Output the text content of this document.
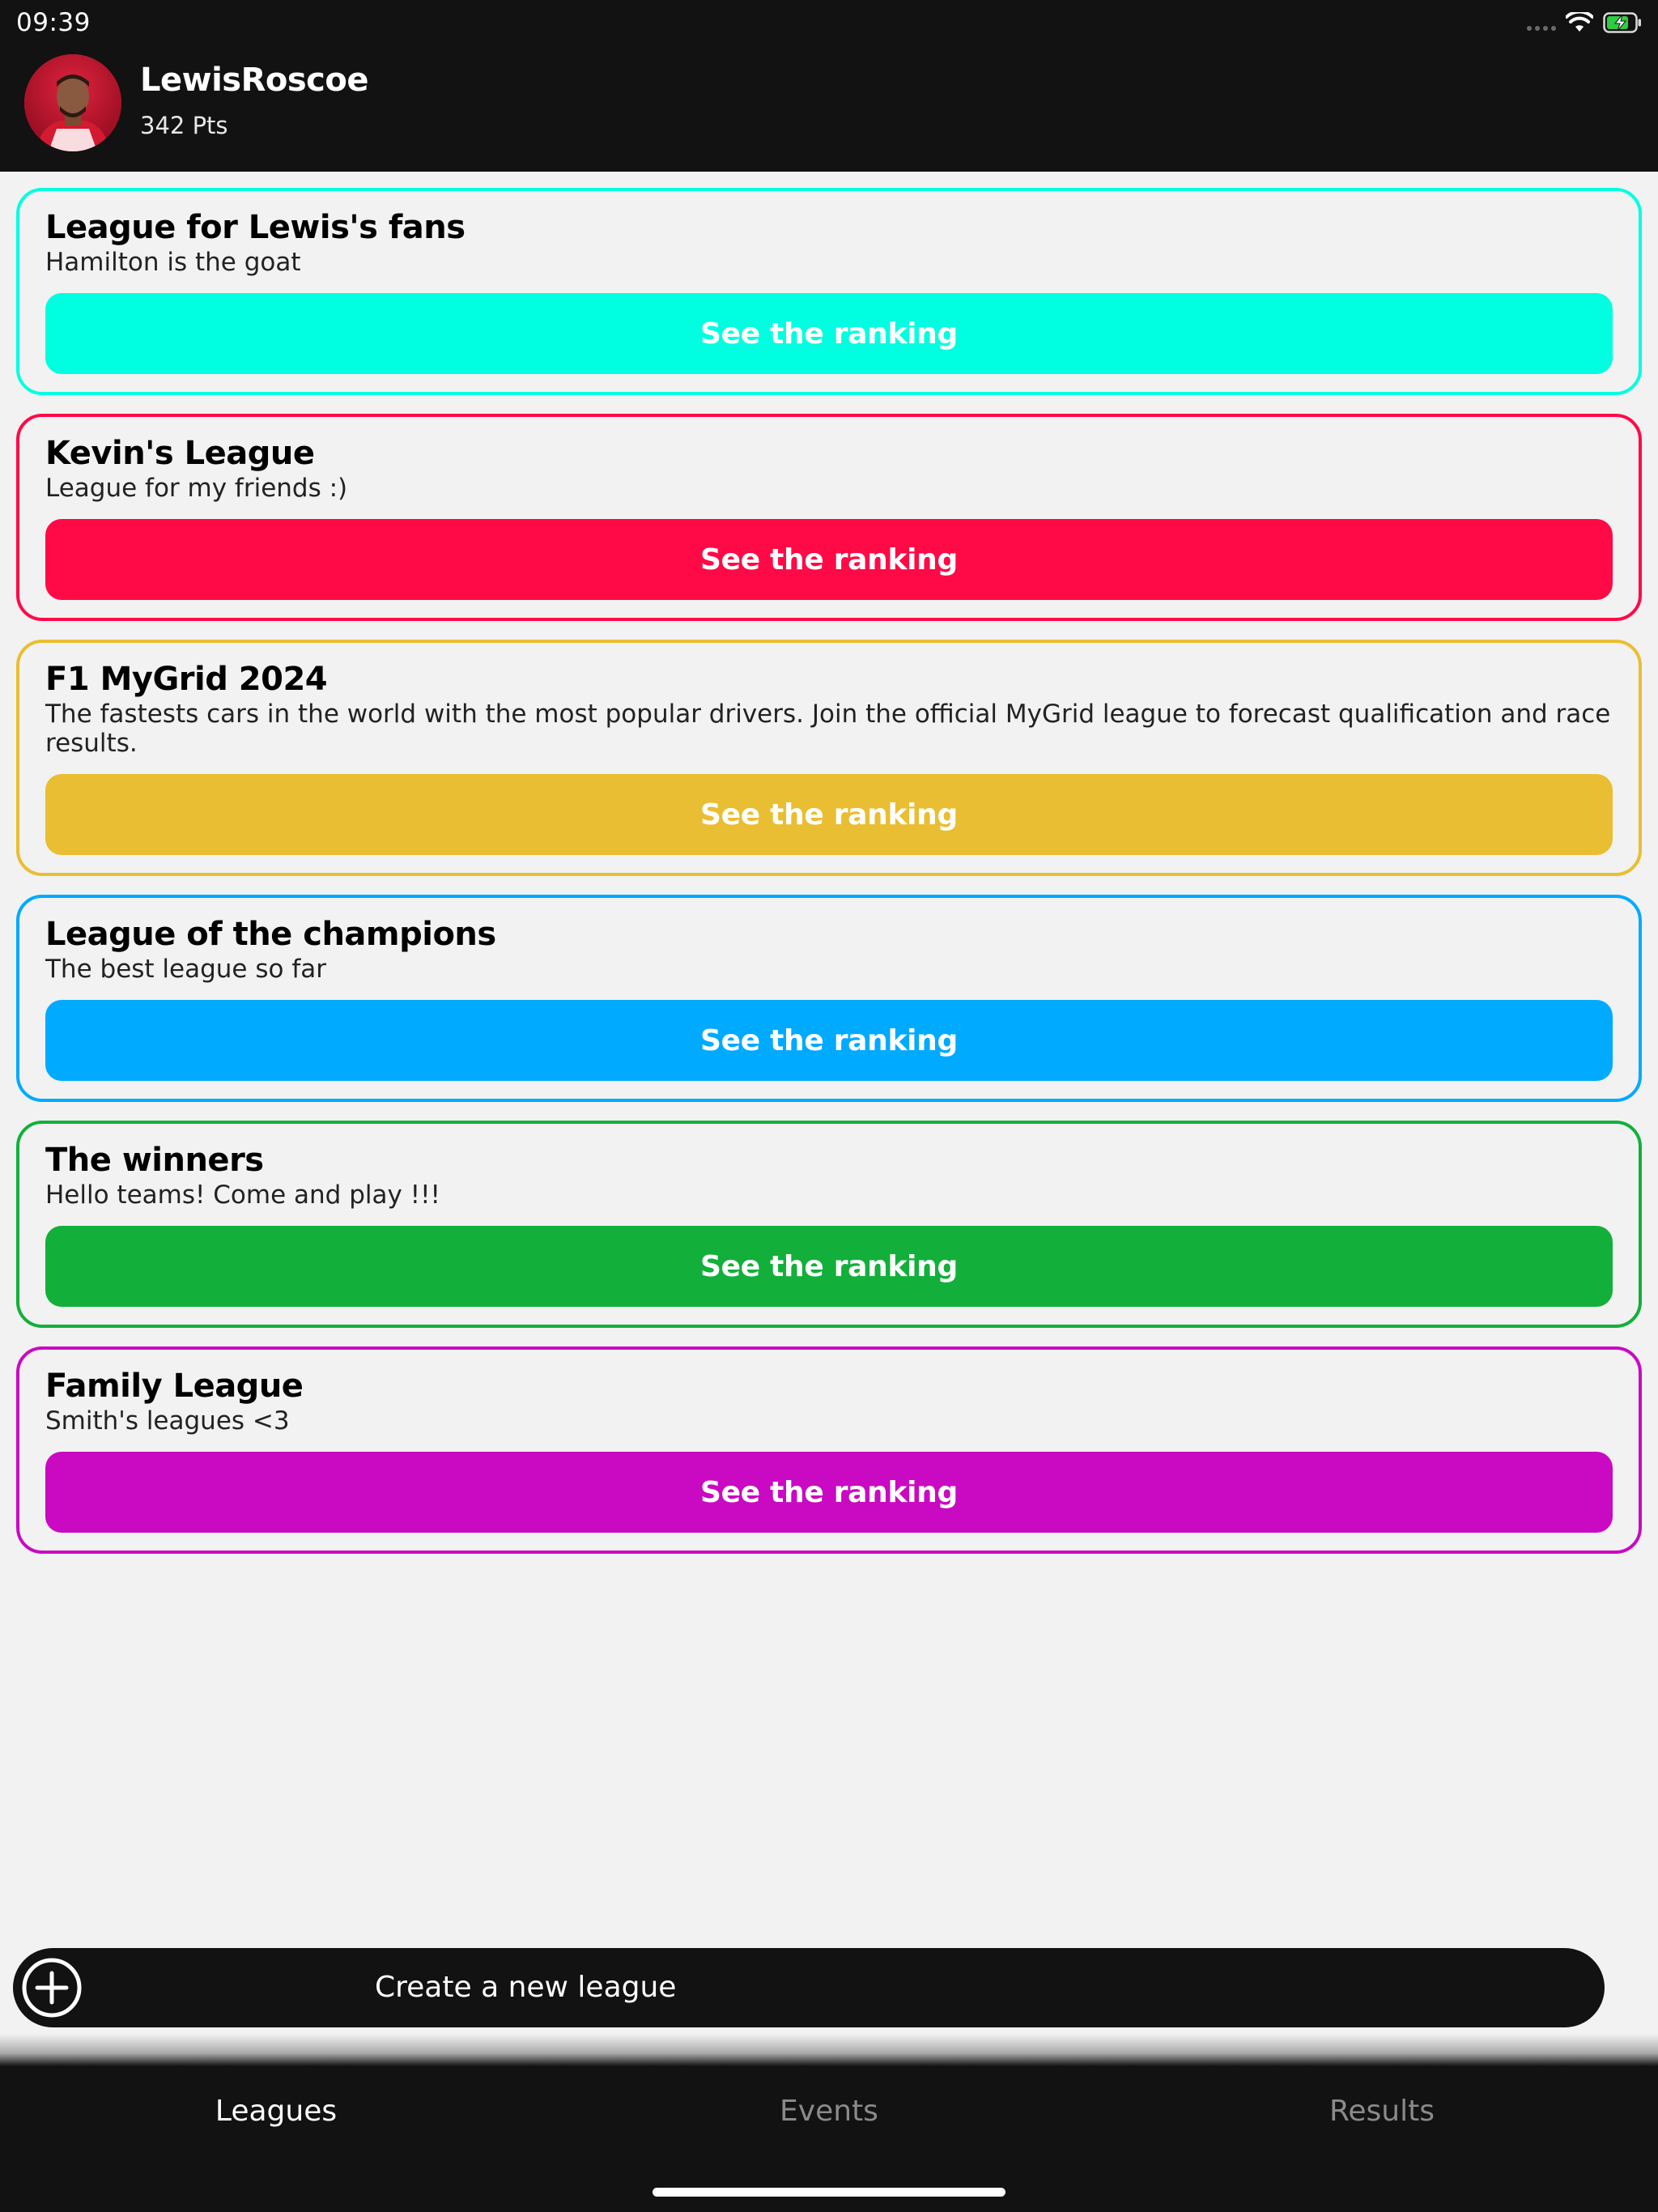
09:39
LewisRoscoe
342 Pts
League for Lewis's fans
Hamilton is the goat
See the ranking
Kevin's League
League for my friends :)
See the ranking
F1 MyGrid 2024
The fastests cars in the world with the most popular drivers. Join the official MyGrid league to forecast qualification and race results.
See the ranking
League of the champions
The best league so far
See the ranking
The winners
Hello teams! Come and play !!!
See the ranking
Family League
Smith's leagues <3
See the ranking
Create a new league
Leagues	Events	Results
